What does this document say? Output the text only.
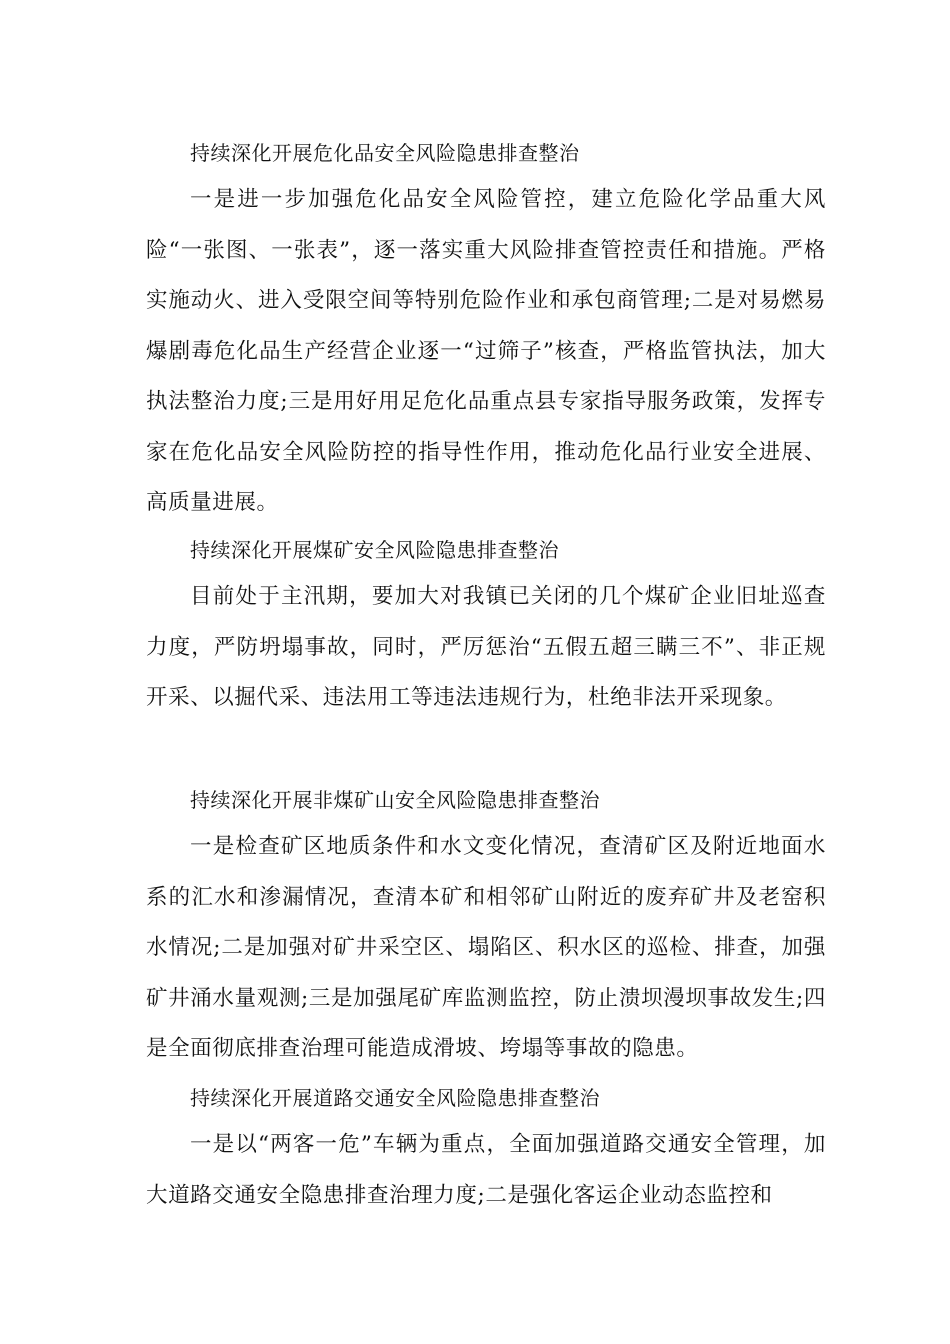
持续深化开展危化品安全风险隐患排查整治

一是进一步加强危化品安全风险管控，建立危险化学品重大风险“一张图、一张表”，逐一落实重大风险排查管控责任和措施。严格实施动火、进入受限空间等特别危险作业和承包商管理;二是对易燃易爆剧毒危化品生产经营企业逐一“过筛子”核查，严格监管执法，加大执法整治力度;三是用好用足危化品重点县专家指导服务政策，发挥专家在危化品安全风险防控的指导性作用，推动危化品行业安全进展、高质量进展。

持续深化开展煤矿安全风险隐患排查整治

目前处于主汛期，要加大对我镇已关闭的几个煤矿企业旧址巡查力度，严防坍塌事故，同时，严厉惩治“五假五超三瞒三不”、非正规开采、以掘代采、违法用工等违法违规行为，杜绝非法开采现象。

持续深化开展非煤矿山安全风险隐患排查整治

一是检查矿区地质条件和水文变化情况，查清矿区及附近地面水系的汇水和渗漏情况，查清本矿和相邻矿山附近的废弃矿井及老窑积水情况;二是加强对矿井采空区、塌陷区、积水区的巡检、排查，加强矿井涌水量观测;三是加强尾矿库监测监控，防止溃坝漫坝事故发生;四是全面彻底排查治理可能造成滑坡、垮塌等事故的隐患。

持续深化开展道路交通安全风险隐患排查整治

一是以“两客一危”车辆为重点，全面加强道路交通安全管理，加大道路交通安全隐患排查治理力度;二是强化客运企业动态监控和
